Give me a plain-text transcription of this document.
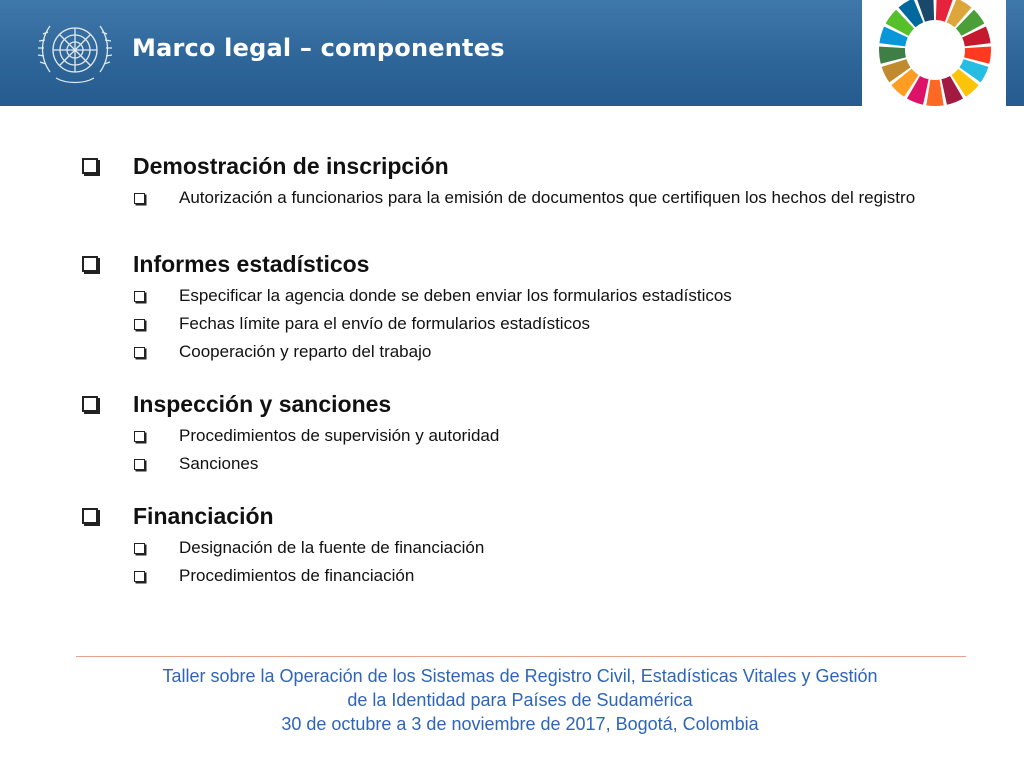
Marco legal – componentes
Demostración de inscripción
Autorización a funcionarios para la emisión de documentos que certifiquen los hechos del registro
Informes estadísticos
Especificar la agencia donde se deben enviar los formularios estadísticos
Fechas límite para el envío de formularios estadísticos
Cooperación y reparto del trabajo
Inspección y sanciones
Procedimientos de supervisión y autoridad
Sanciones
Financiación
Designación de la fuente de financiación
Procedimientos de financiación
Taller sobre la Operación de los Sistemas de Registro Civil, Estadísticas Vitales y Gestión
de la Identidad para Países de Sudamérica
30 de octubre a 3 de noviembre de 2017, Bogotá, Colombia
